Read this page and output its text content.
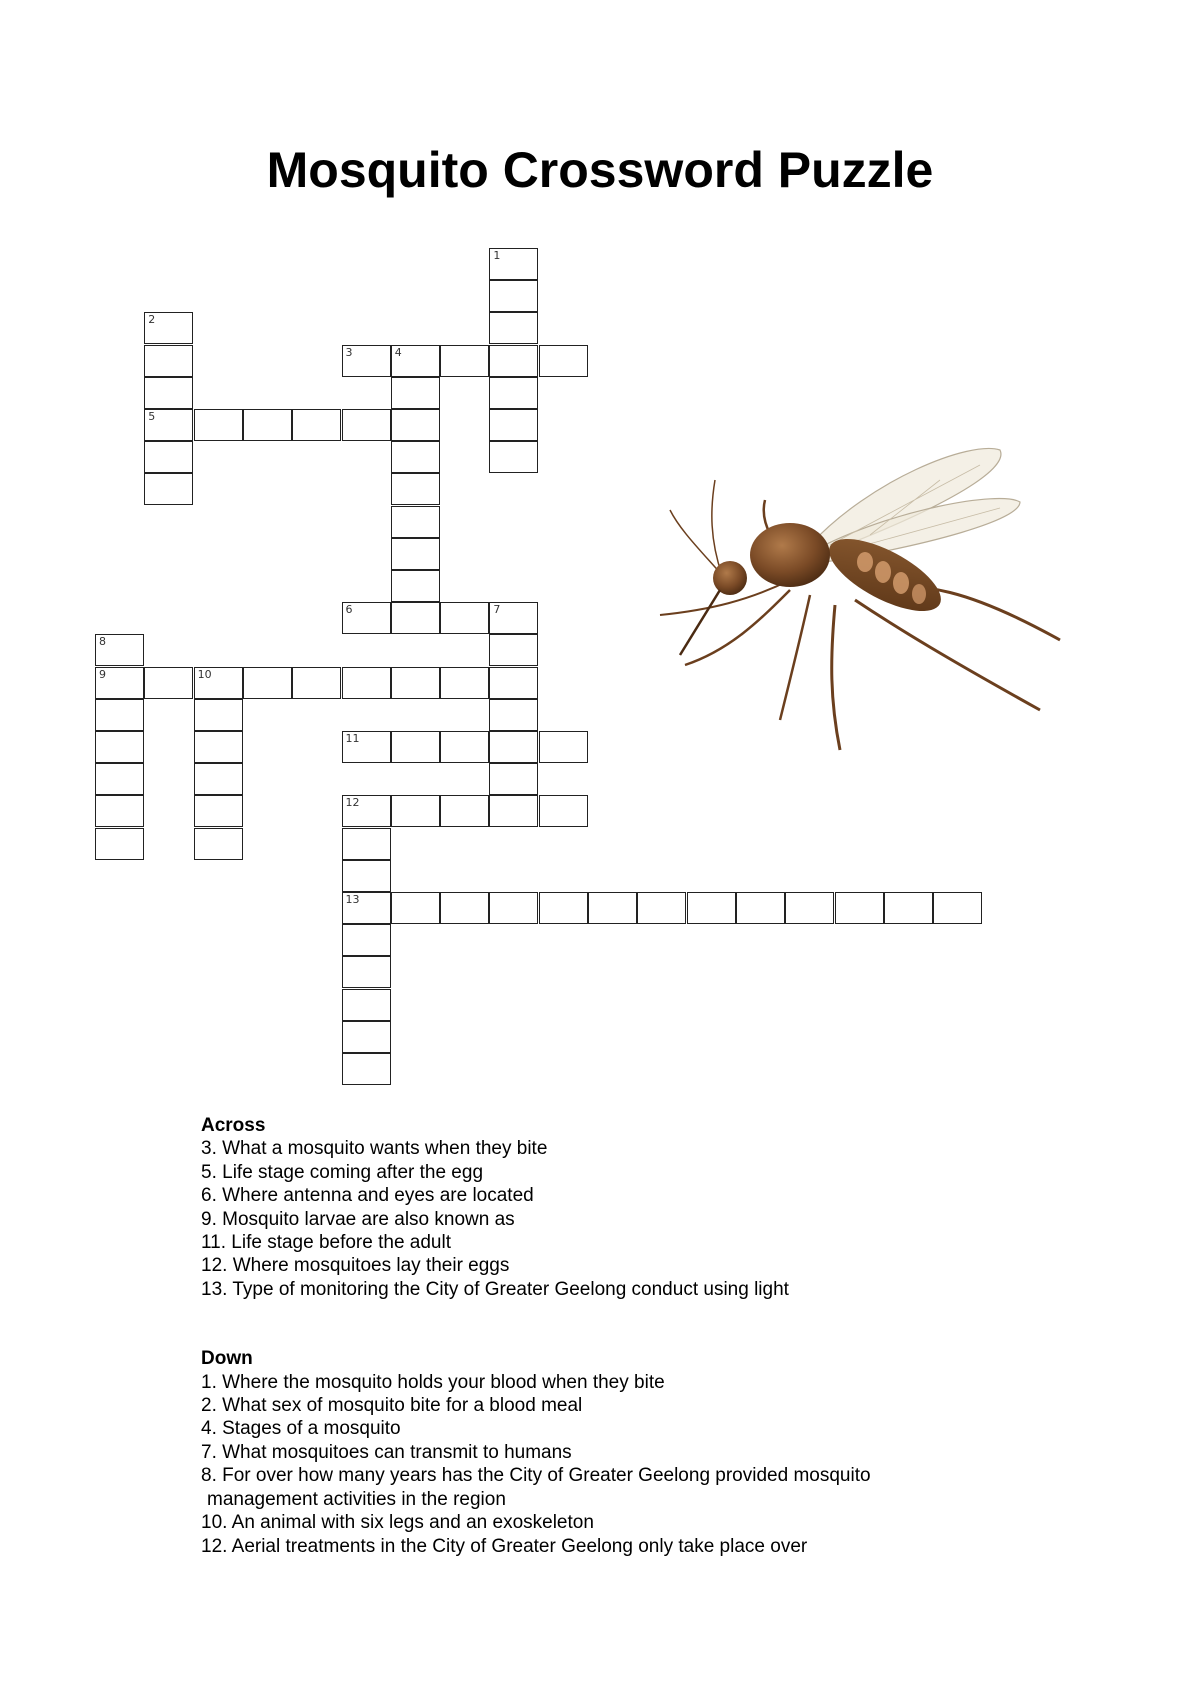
Mosquito Crossword Puzzle
1
2
5
3	4
6	7
8
9	10
11
12
13

Across

3. What a mosquito wants when they bite
5. Life stage coming after the egg
6. Where antenna and eyes are located
9. Mosquito larvae are also known as
11. Life stage before the adult
12. Where mosquitoes lay their eggs
13. Type of monitoring the City of Greater Geelong conduct using light

Down

1. Where the mosquito holds your blood when they bite
2. What sex of mosquito bite for a blood meal
4. Stages of a mosquito
7. What mosquitoes can transmit to humans
8. For over how many years has the City of Greater Geelong provided mosquito
management activities in the region
10. An animal with six legs and an exoskeleton
12. Aerial treatments in the City of Greater Geelong only take place over
